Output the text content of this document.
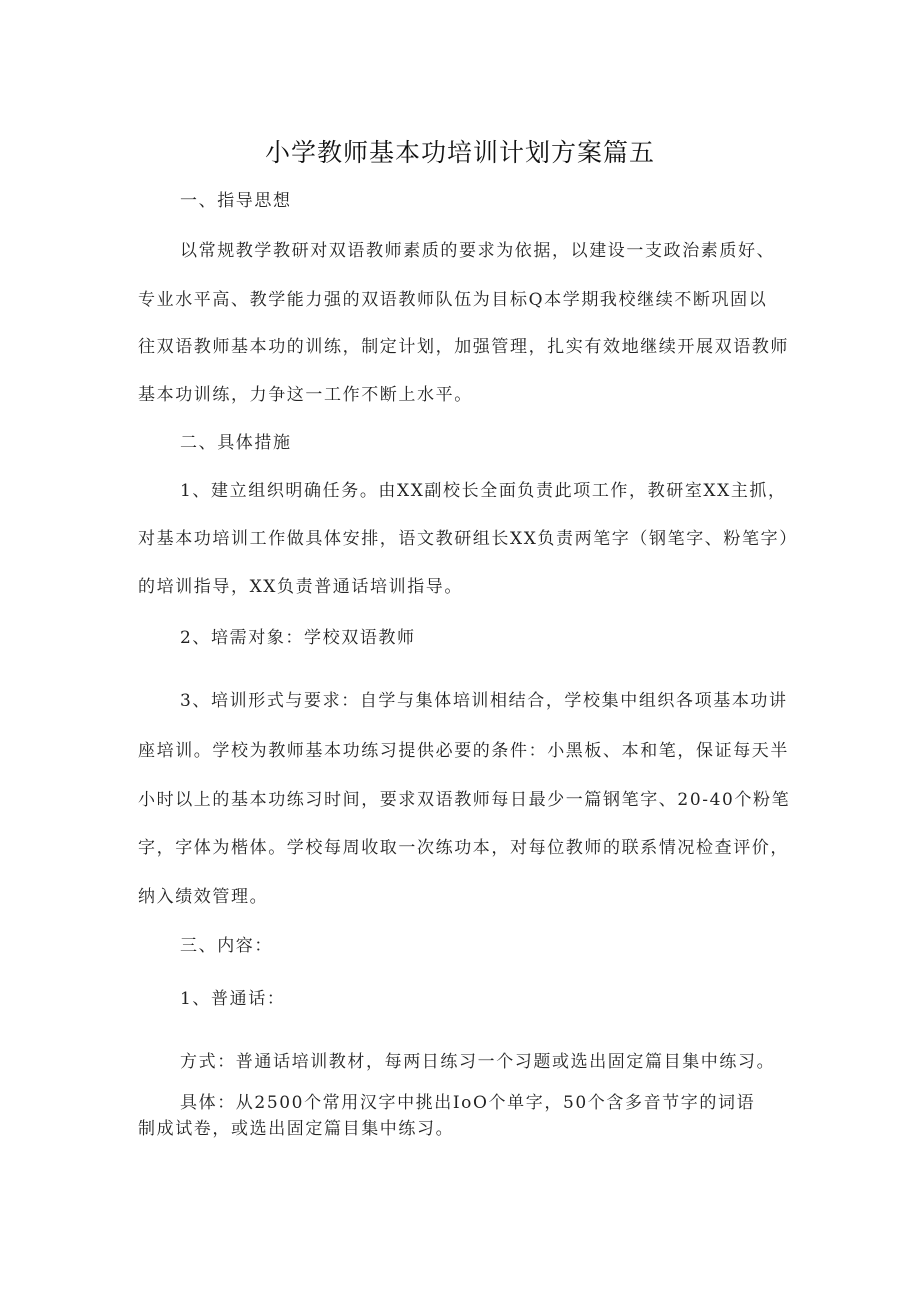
小学教师基本功培训计划方案篇五
一、指导思想
以常规教学教研对双语教师素质的要求为依据，以建设一支政治素质好、
专业水平高、教学能力强的双语教师队伍为目标Q本学期我校继续不断巩固以
往双语教师基本功的训练，制定计划，加强管理，扎实有效地继续开展双语教师
基本功训练，力争这一工作不断上水平。
二、具体措施
1、建立组织明确任务。由XX副校长全面负责此项工作，教研室XX主抓，
对基本功培训工作做具体安排，语文教研组长XX负责两笔字（钢笔字、粉笔字）
的培训指导，XX负责普通话培训指导。
2、培需对象：学校双语教师
3、培训形式与要求：自学与集体培训相结合，学校集中组织各项基本功讲
座培训。学校为教师基本功练习提供必要的条件：小黑板、本和笔，保证每天半
小时以上的基本功练习时间，要求双语教师每日最少一篇钢笔字、20-40个粉笔
字，字体为楷体。学校每周收取一次练功本，对每位教师的联系情况检查评价，
纳入绩效管理。
三、内容：
1、普通话：
方式：普通话培训教材，每两日练习一个习题或选出固定篇目集中练习。
具体：从2500个常用汉字中挑出IoO个单字，50个含多音节字的词语
制成试卷，或选出固定篇目集中练习。
